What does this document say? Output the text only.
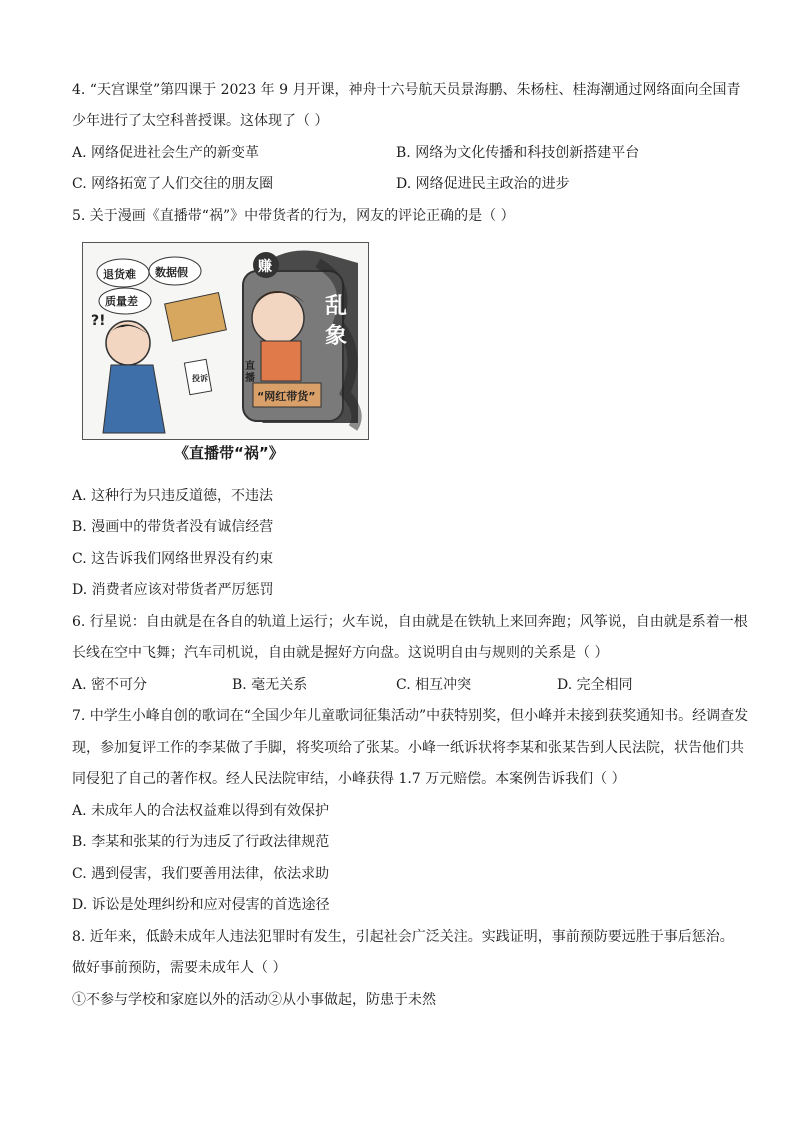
4. “天宫课堂”第四课于 2023 年 9 月开课，神舟十六号航天员景海鹏、朱杨柱、桂海潮通过网络面向全国青
少年进行了太空科普授课。这体现了（ ）
A. 网络促进社会生产的新变革	B. 网络为文化传播和科技创新搭建平台
C. 网络拓宽了人们交往的朋友圈	D. 网络促进民主政治的进步
5. 关于漫画《直播带“祸”》中带货者的行为，网友的评论正确的是（ ）
赚
乱
象
“网红带货”
直
播
?!
投诉
退货难 数据假
质量差
《直播带“祸”》
A. 这种行为只违反道德，不违法
B. 漫画中的带货者没有诚信经营
C. 这告诉我们网络世界没有约束
D. 消费者应该对带货者严厉惩罚
6. 行星说：自由就是在各自的轨道上运行；火车说，自由就是在铁轨上来回奔跑；风筝说，自由就是系着一根
长线在空中飞舞；汽车司机说，自由就是握好方向盘。这说明自由与规则的关系是（ ）
A. 密不可分	B. 毫无关系	C. 相互冲突	D. 完全相同
7. 中学生小峰自创的歌词在“全国少年儿童歌词征集活动”中获特别奖，但小峰并未接到获奖通知书。经调查发
现，参加复评工作的李某做了手脚，将奖项给了张某。小峰一纸诉状将李某和张某告到人民法院，状告他们共
同侵犯了自己的著作权。经人民法院审结，小峰获得 1.7 万元赔偿。本案例告诉我们（ ）
A. 未成年人的合法权益难以得到有效保护
B. 李某和张某的行为违反了行政法律规范
C. 遇到侵害，我们要善用法律，依法求助
D. 诉讼是处理纠纷和应对侵害的首选途径
8. 近年来，低龄未成年人违法犯罪时有发生，引起社会广泛关注。实践证明，事前预防要远胜于事后惩治。
做好事前预防，需要未成年人（ ）
①不参与学校和家庭以外的活动②从小事做起，防患于未然
